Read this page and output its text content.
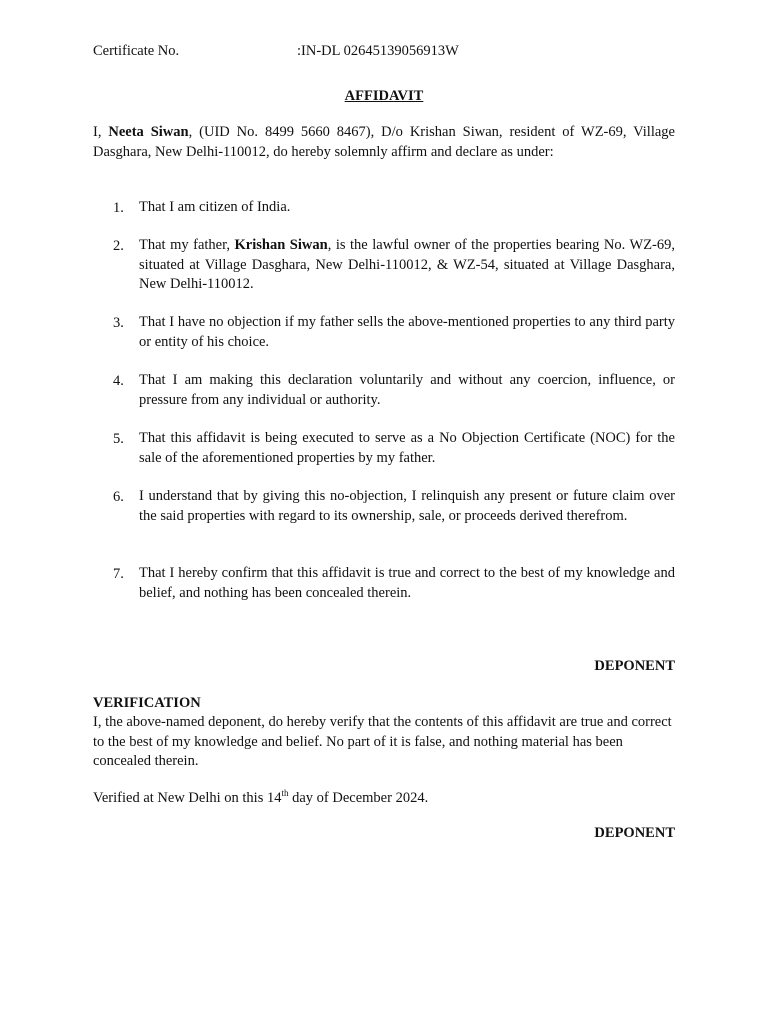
Certificate No.	:IN-DL 02645139056913W
AFFIDAVIT

I, Neeta Siwan, (UID No. 8499 5660 8467), D/o Krishan Siwan, resident of WZ-69, Village Dasghara, New Delhi-110012, do hereby solemnly affirm and declare as under:

1.	That I am citizen of India.
2.	That my father, Krishan Siwan, is the lawful owner of the properties bearing No. WZ-69, situated at Village Dasghara, New Delhi-110012, & WZ-54, situated at Village Dasghara, New Delhi-110012.
3.	That I have no objection if my father sells the above-mentioned properties to any third party or entity of his choice.
4.	That I am making this declaration voluntarily and without any coercion, influence, or pressure from any individual or authority.
5.	That this affidavit is being executed to serve as a No Objection Certificate (NOC) for the sale of the aforementioned properties by my father.
6.	I understand that by giving this no-objection, I relinquish any present or future claim over the said properties with regard to its ownership, sale, or proceeds derived therefrom.
7.	That I hereby confirm that this affidavit is true and correct to the best of my knowledge and belief, and nothing has been concealed therein.
DEPONENT
VERIFICATION

I, the above-named deponent, do hereby verify that the contents of this affidavit are true and correct to the best of my knowledge and belief. No part of it is false, and nothing material has been concealed therein.

Verified at New Delhi on this 14th day of December 2024.
DEPONENT
